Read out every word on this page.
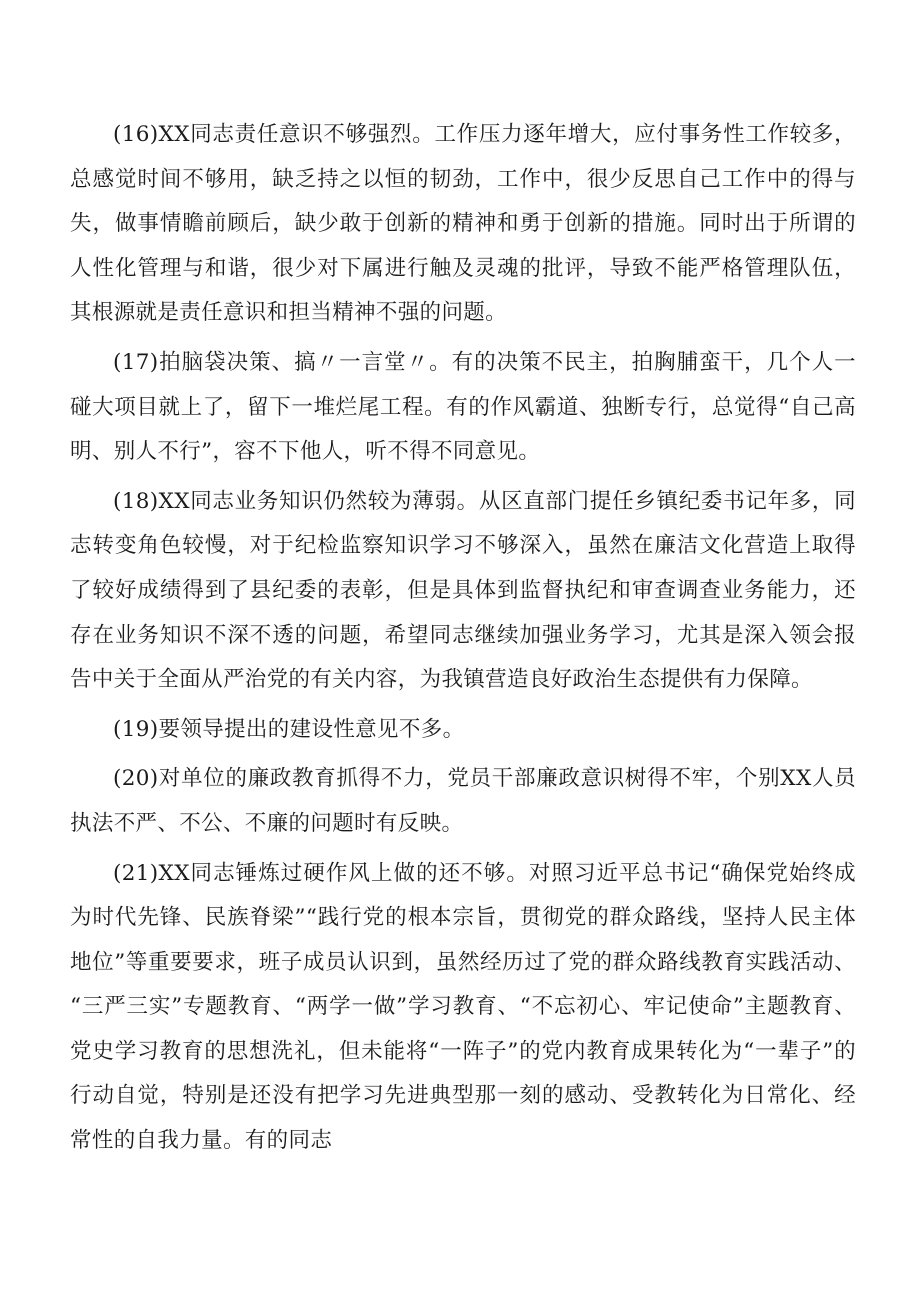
(16)XX同志责任意识不够强烈。工作压力逐年增大，应付事务性工作较多，总感觉时间不够用，缺乏持之以恒的韧劲，工作中，很少反思自己工作中的得与失，做事情瞻前顾后，缺少敢于创新的精神和勇于创新的措施。同时出于所谓的人性化管理与和谐，很少对下属进行触及灵魂的批评，导致不能严格管理队伍，其根源就是责任意识和担当精神不强的问题。

(17)拍脑袋决策、搞〃一言堂〃。有的决策不民主，拍胸脯蛮干，几个人一碰大项目就上了，留下一堆烂尾工程。有的作风霸道、独断专行，总觉得“自己高明、别人不行”，容不下他人，听不得不同意见。

(18)XX同志业务知识仍然较为薄弱。从区直部门提任乡镇纪委书记年多，同志转变角色较慢，对于纪检监察知识学习不够深入，虽然在廉洁文化营造上取得了较好成绩得到了县纪委的表彰，但是具体到监督执纪和审查调查业务能力，还存在业务知识不深不透的问题，希望同志继续加强业务学习，尤其是深入领会报告中关于全面从严治党的有关内容，为我镇营造良好政治生态提供有力保障。

(19)要领导提出的建设性意见不多。

(20)对单位的廉政教育抓得不力，党员干部廉政意识树得不牢，个别XX人员执法不严、不公、不廉的问题时有反映。

(21)XX同志锤炼过硬作风上做的还不够。对照习近平总书记“确保党始终成为时代先锋、民族脊梁”“践行党的根本宗旨，贯彻党的群众路线，坚持人民主体地位”等重要要求，班子成员认识到，虽然经历过了党的群众路线教育实践活动、“三严三实”专题教育、“两学一做”学习教育、“不忘初心、牢记使命”主题教育、党史学习教育的思想洗礼，但未能将“一阵子”的党内教育成果转化为“一辈子”的行动自觉，特别是还没有把学习先进典型那一刻的感动、受教转化为日常化、经常性的自我力量。有的同志
